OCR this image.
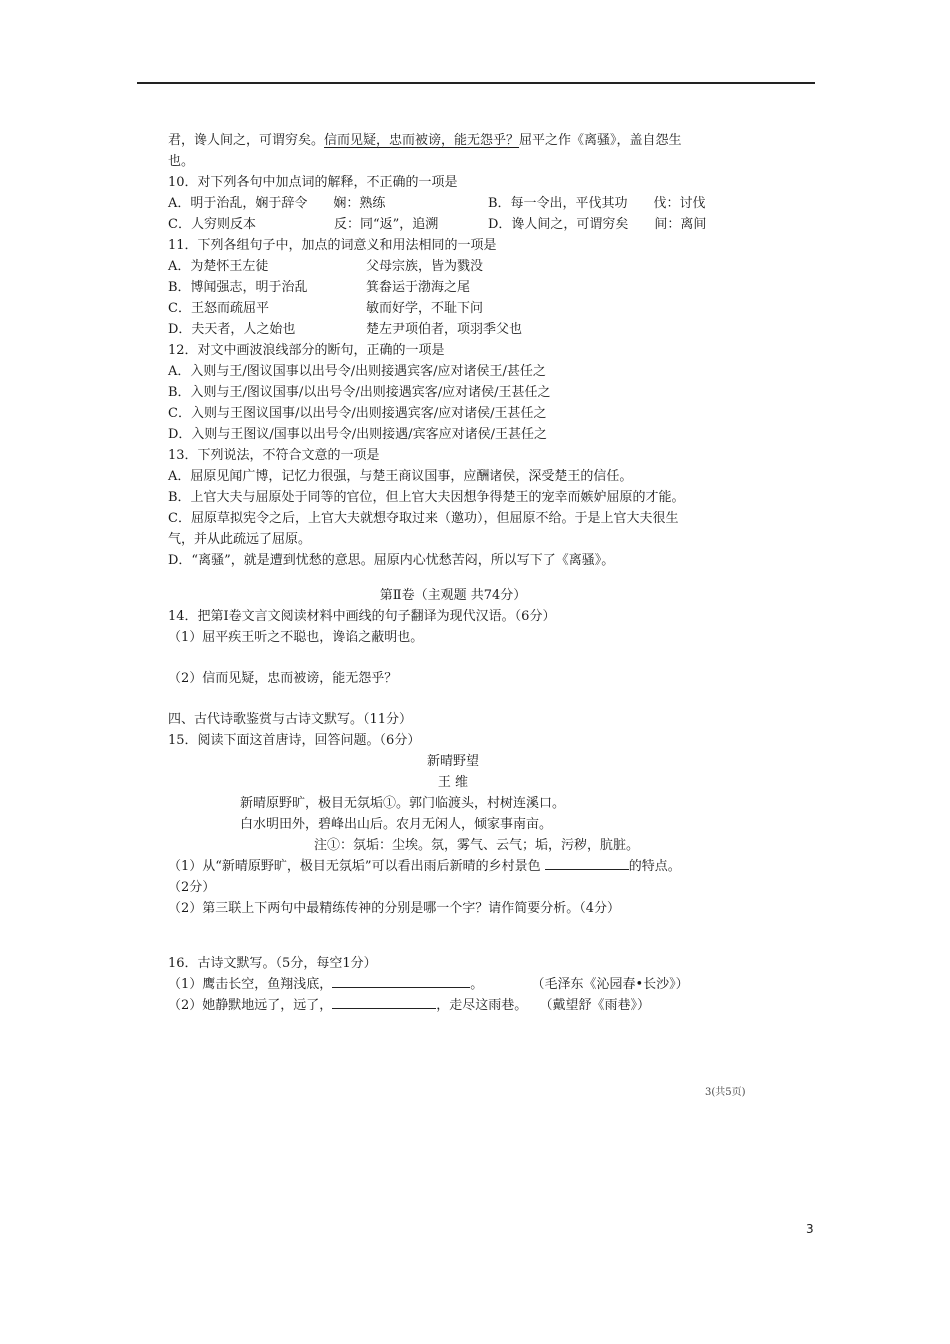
君，谗人间之，可谓穷矣。信而见疑，忠而被谤，能无怨乎？屈平之作《离骚》，盖自怨生
也。
10．对下列各句中加点词的解释，不正确的一项是
A．明于治乱，娴于辞令　　娴：熟练	B．每一令出，平伐其功　　伐：讨伐
C．人穷则反本　　　　　　反：同“返”，追溯	D．谗人间之，可谓穷矣　　间：离间
11．下列各组句子中，加点的词意义和用法相同的一项是
A．为楚怀王左徒	父母宗族，皆为戮没
B．博闻强志，明于治乱	箕畚运于渤海之尾
C．王怒而疏屈平	敏而好学，不耻下问
D．夫天者，人之始也	楚左尹项伯者，项羽季父也
12．对文中画波浪线部分的断句，正确的一项是
A．入则与王/图议国事以出号令/出则接遇宾客/应对诸侯王/甚任之
B．入则与王/图议国事/以出号令/出则接遇宾客/应对诸侯/王甚任之
C．入则与王图议国事/以出号令/出则接遇宾客/应对诸侯/王甚任之
D．入则与王图议/国事以出号令/出则接遇/宾客应对诸侯/王甚任之
13．下列说法，不符合文意的一项是
A．屈原见闻广博，记忆力很强，与楚王商议国事，应酬诸侯，深受楚王的信任。
B．上官大夫与屈原处于同等的官位，但上官大夫因想争得楚王的宠幸而嫉妒屈原的才能。
C．屈原草拟宪令之后，上官大夫就想夺取过来（邀功），但屈原不给。于是上官大夫很生
气，并从此疏远了屈原。
D．“离骚”，就是遭到忧愁的意思。屈原内心忧愁苦闷，所以写下了《离骚》。
第Ⅱ卷（主观题 共74分）
14．把第Ⅰ卷文言文阅读材料中画线的句子翻译为现代汉语。（6分）
（1）屈平疾王听之不聪也，谗谄之蔽明也。
（2）信而见疑，忠而被谤，能无怨乎？
四、古代诗歌鉴赏与古诗文默写。（11分）
15．阅读下面这首唐诗，回答问题。（6分）
新晴野望
王 维
新晴原野旷，极目无氛垢①。郭门临渡头，村树连溪口。
白水明田外，碧峰出山后。农月无闲人，倾家事南亩。
注①：氛垢：尘埃。氛，雾气、云气；垢，污秽，肮脏。
（1）从“新晴原野旷，极目无氛垢”可以看出雨后新晴的乡村景色	的特点。
（2分）
（2）第三联上下两句中最精练传神的分别是哪一个字？请作简要分析。（4分）
16．古诗文默写。（5分，每空1分）
（1）鹰击长空，鱼翔浅底，	。	（毛泽东《沁园春•长沙》）
（2）她静默地远了，远了，	，走尽这雨巷。 （戴望舒《雨巷》）
3(共5页)
3
